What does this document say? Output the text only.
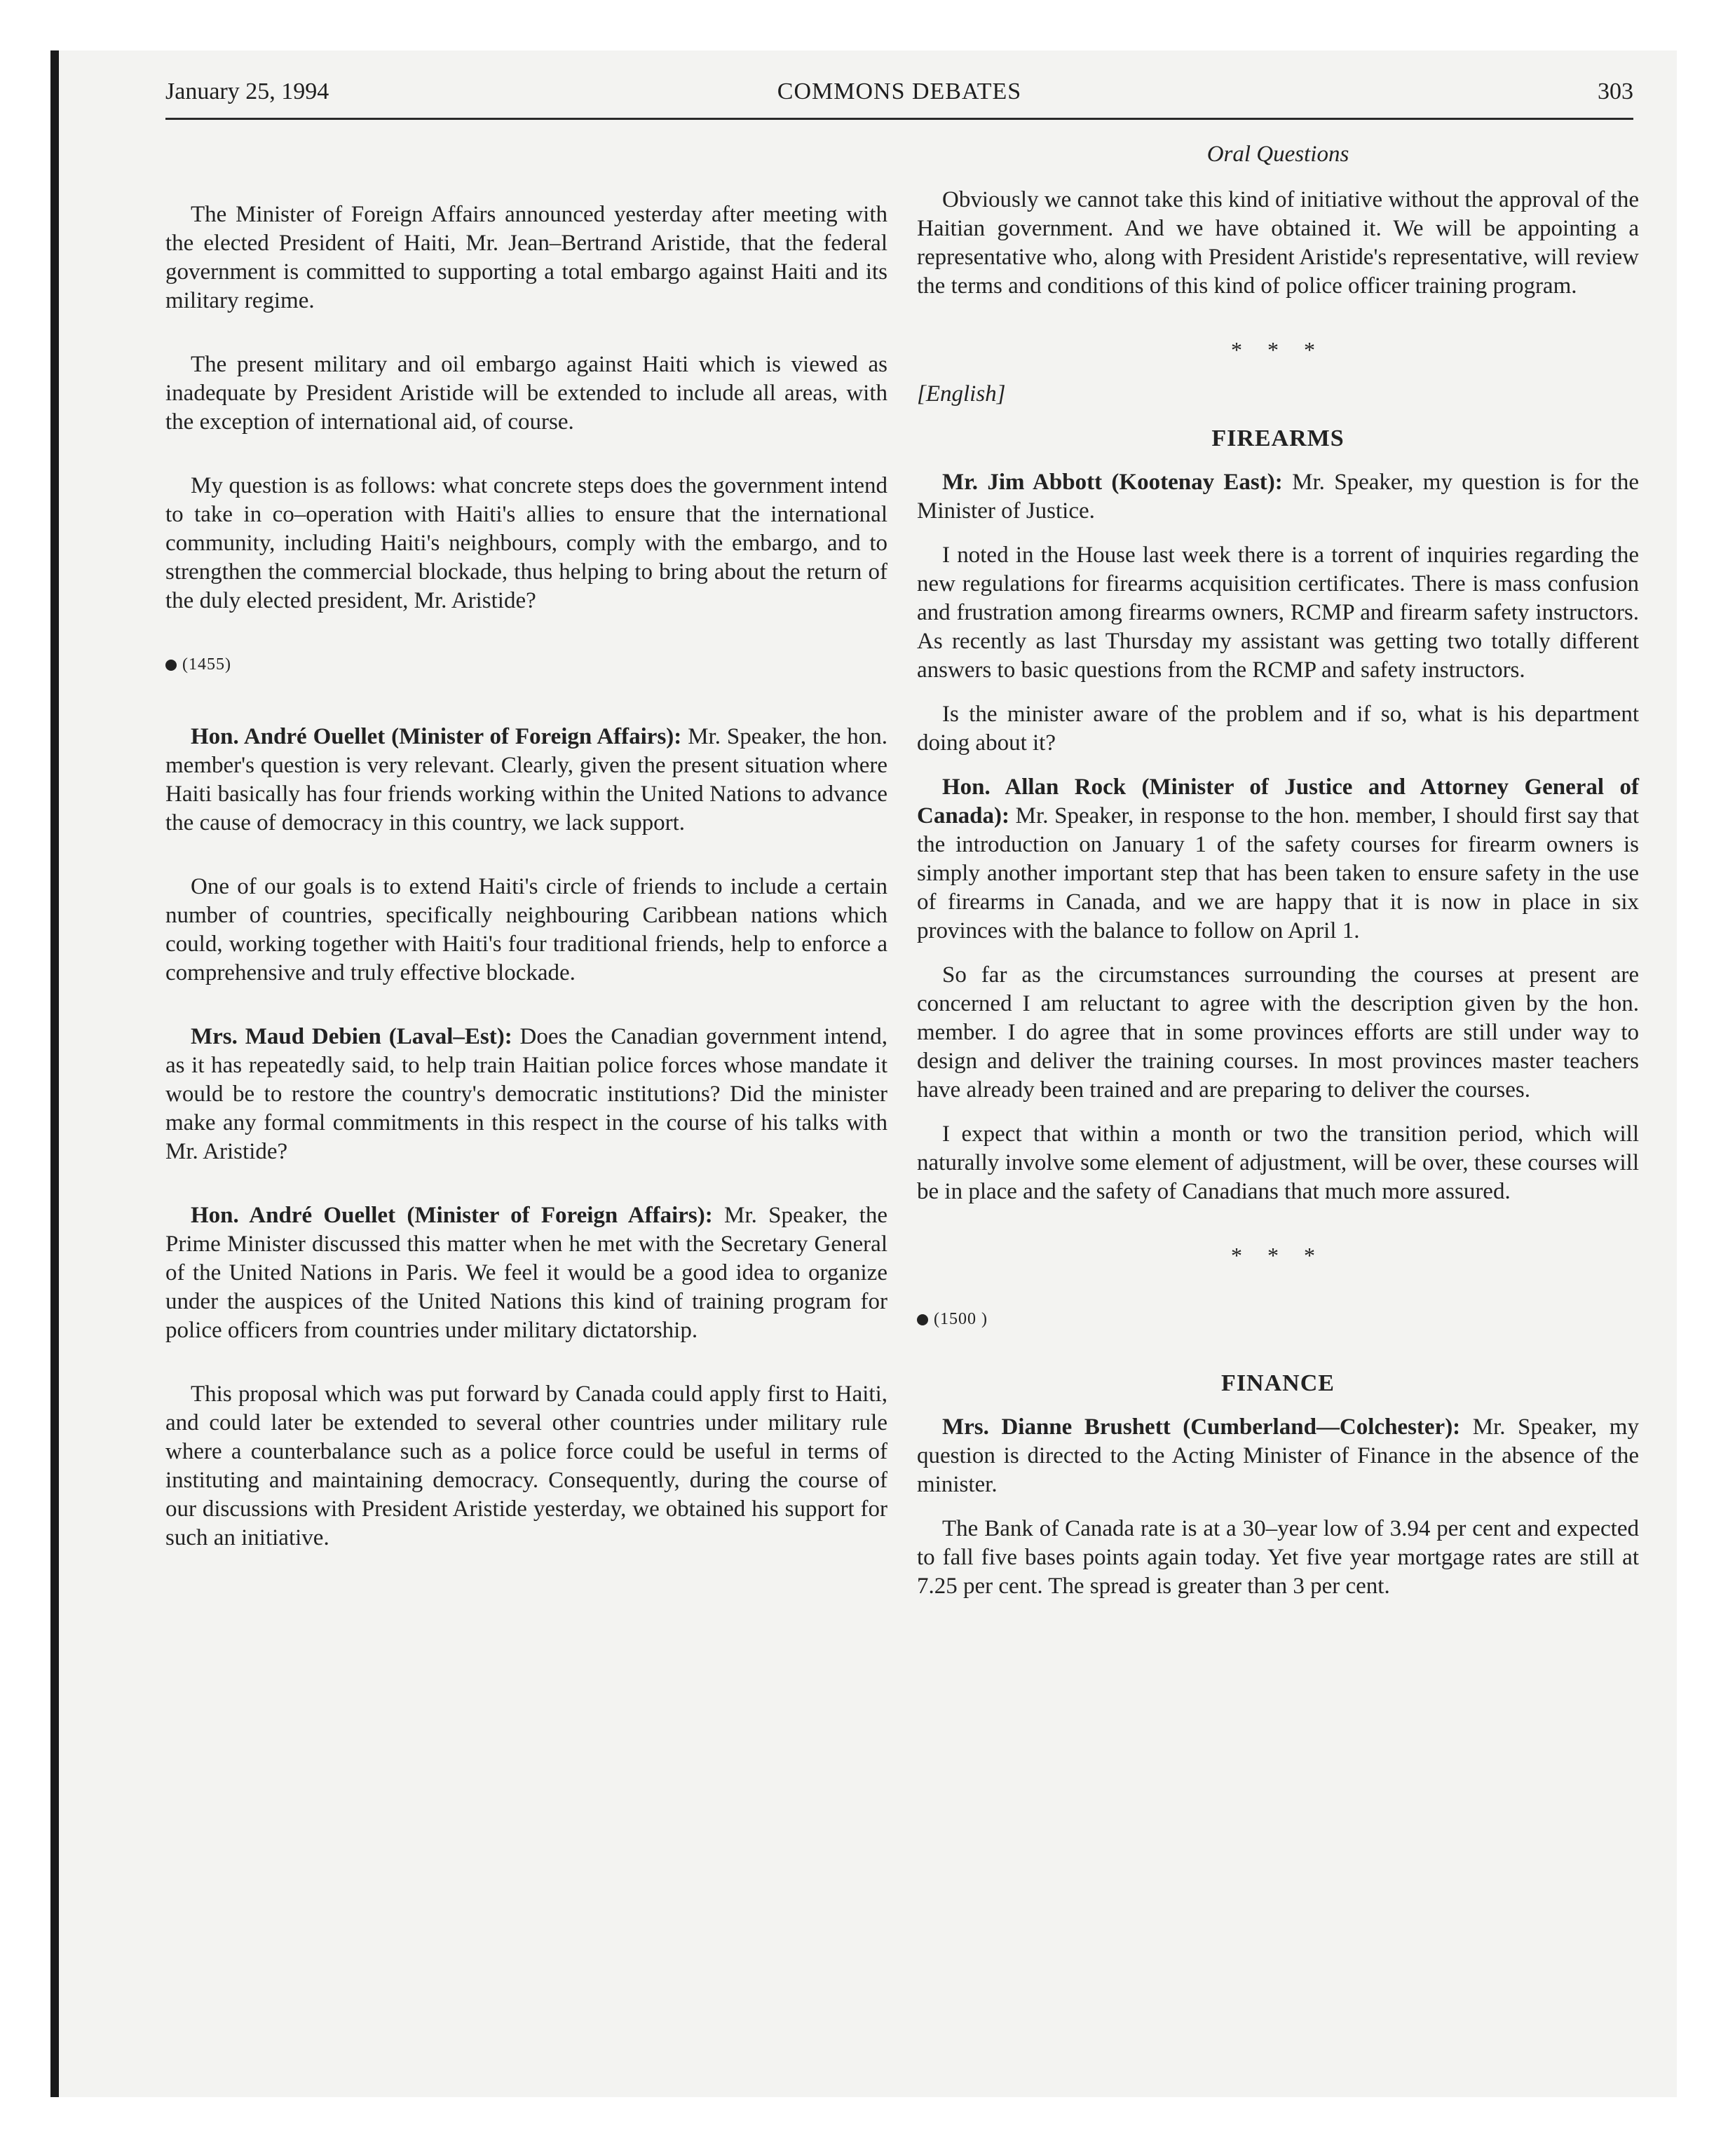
January 25, 1994	COMMONS DEBATES	303

The Minister of Foreign Affairs announced yesterday after meeting with the elected President of Haiti, Mr. Jean–Bertrand Aristide, that the federal government is committed to supporting a total embargo against Haiti and its military regime.

The present military and oil embargo against Haiti which is viewed as inadequate by President Aristide will be extended to include all areas, with the exception of international aid, of course.

My question is as follows: what concrete steps does the government intend to take in co–operation with Haiti's allies to ensure that the international community, including Haiti's neighbours, comply with the embargo, and to strengthen the commercial blockade, thus helping to bring about the return of the duly elected president, Mr. Aristide?

(1455)

Hon. André Ouellet (Minister of Foreign Affairs): Mr. Speaker, the hon. member's question is very relevant. Clearly, given the present situation where Haiti basically has four friends working within the United Nations to advance the cause of democracy in this country, we lack support.

One of our goals is to extend Haiti's circle of friends to include a certain number of countries, specifically neighbouring Caribbean nations which could, working together with Haiti's four traditional friends, help to enforce a comprehensive and truly effective blockade.

Mrs. Maud Debien (Laval–Est): Does the Canadian government intend, as it has repeatedly said, to help train Haitian police forces whose mandate it would be to restore the country's democratic institutions? Did the minister make any formal commitments in this respect in the course of his talks with Mr. Aristide?

Hon. André Ouellet (Minister of Foreign Affairs): Mr. Speaker, the Prime Minister discussed this matter when he met with the Secretary General of the United Nations in Paris. We feel it would be a good idea to organize under the auspices of the United Nations this kind of training program for police officers from countries under military dictatorship.

This proposal which was put forward by Canada could apply first to Haiti, and could later be extended to several other countries under military rule where a counterbalance such as a police force could be useful in terms of instituting and maintaining democracy. Consequently, during the course of our discussions with President Aristide yesterday, we obtained his support for such an initiative.

Oral Questions

Obviously we cannot take this kind of initiative without the approval of the Haitian government. And we have obtained it. We will be appointing a representative who, along with President Aristide's representative, will review the terms and conditions of this kind of police officer training program.

* * *

[English]

FIREARMS

Mr. Jim Abbott (Kootenay East): Mr. Speaker, my question is for the Minister of Justice.

I noted in the House last week there is a torrent of inquiries regarding the new regulations for firearms acquisition certificates. There is mass confusion and frustration among firearms owners, RCMP and firearm safety instructors. As recently as last Thursday my assistant was getting two totally different answers to basic questions from the RCMP and safety instructors.

Is the minister aware of the problem and if so, what is his department doing about it?

Hon. Allan Rock (Minister of Justice and Attorney General of Canada): Mr. Speaker, in response to the hon. member, I should first say that the introduction on January 1 of the safety courses for firearm owners is simply another important step that has been taken to ensure safety in the use of firearms in Canada, and we are happy that it is now in place in six provinces with the balance to follow on April 1.

So far as the circumstances surrounding the courses at present are concerned I am reluctant to agree with the description given by the hon. member. I do agree that in some provinces efforts are still under way to design and deliver the training courses. In most provinces master teachers have already been trained and are preparing to deliver the courses.

I expect that within a month or two the transition period, which will naturally involve some element of adjustment, will be over, these courses will be in place and the safety of Canadians that much more assured.

* * *

(1500 )

FINANCE

Mrs. Dianne Brushett (Cumberland—Colchester): Mr. Speaker, my question is directed to the Acting Minister of Finance in the absence of the minister.

The Bank of Canada rate is at a 30–year low of 3.94 per cent and expected to fall five bases points again today. Yet five year mortgage rates are still at 7.25 per cent. The spread is greater than 3 per cent.
